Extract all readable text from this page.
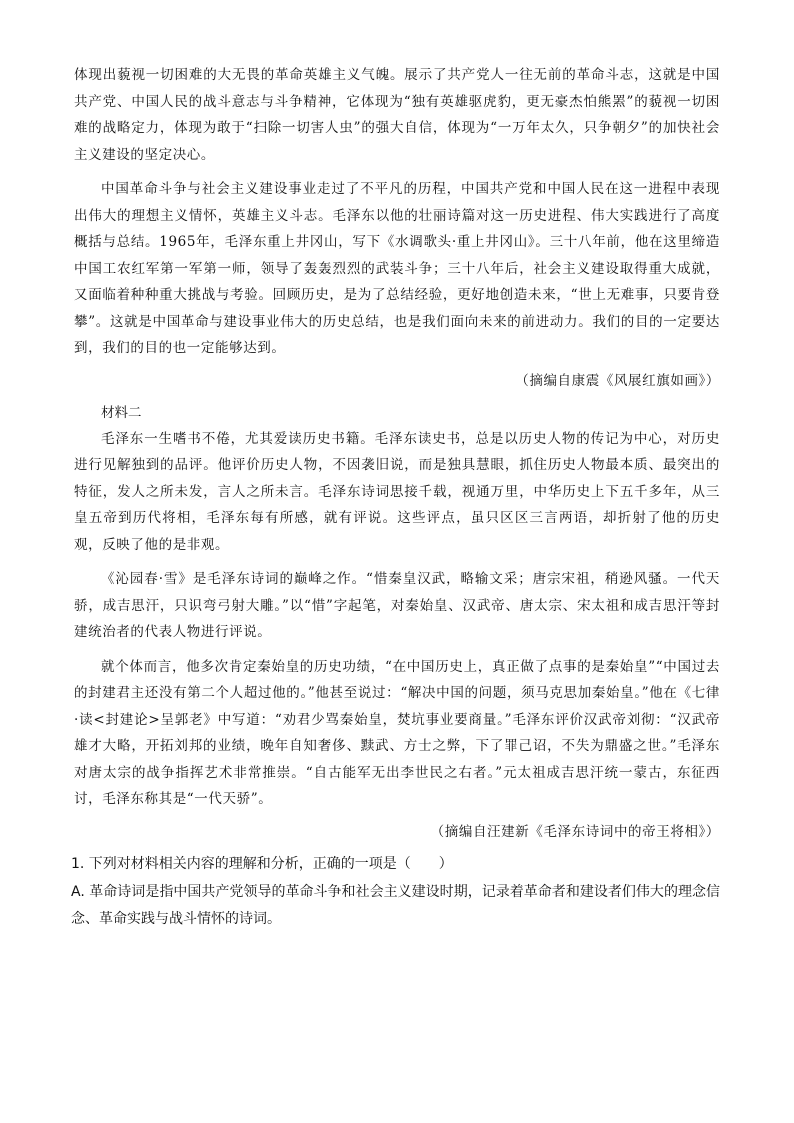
体现出藐视一切困难的大无畏的革命英雄主义气魄。展示了共产党人一往无前的革命斗志，这就是中国共产党、中国人民的战斗意志与斗争精神，它体现为“独有英雄驱虎豹，更无豪杰怕熊罴”的藐视一切困难的战略定力，体现为敢于“扫除一切害人虫”的强大自信，体现为“一万年太久，只争朝夕”的加快社会主义建设的坚定决心。

中国革命斗争与社会主义建设事业走过了不平凡的历程，中国共产党和中国人民在这一进程中表现出伟大的理想主义情怀，英雄主义斗志。毛泽东以他的壮丽诗篇对这一历史进程、伟大实践进行了高度概括与总结。1965年，毛泽东重上井冈山，写下《水调歌头·重上井冈山》。三十八年前，他在这里缔造中国工农红军第一军第一师，领导了轰轰烈烈的武装斗争；三十八年后，社会主义建设取得重大成就，又面临着种种重大挑战与考验。回顾历史，是为了总结经验，更好地创造未来，“世上无难事，只要肯登攀”。这就是中国革命与建设事业伟大的历史总结，也是我们面向未来的前进动力。我们的目的一定要达到，我们的目的也一定能够达到。

（摘编自康震《风展红旗如画》）

材料二

毛泽东一生嗜书不倦，尤其爱读历史书籍。毛泽东读史书，总是以历史人物的传记为中心，对历史进行见解独到的品评。他评价历史人物，不因袭旧说，而是独具慧眼，抓住历史人物最本质、最突出的特征，发人之所未发，言人之所未言。毛泽东诗词思接千载，视通万里，中华历史上下五千多年，从三皇五帝到历代将相，毛泽东每有所感，就有评说。这些评点，虽只区区三言两语，却折射了他的历史观，反映了他的是非观。

《沁园春·雪》是毛泽东诗词的巅峰之作。“惜秦皇汉武，略输文采；唐宗宋祖，稍逊风骚。一代天骄，成吉思汗，只识弯弓射大雕。”以“惜”字起笔，对秦始皇、汉武帝、唐太宗、宋太祖和成吉思汗等封建统治者的代表人物进行评说。

就个体而言，他多次肯定秦始皇的历史功绩，“在中国历史上，真正做了点事的是秦始皇”“中国过去的封建君主还没有第二个人超过他的。”他甚至说过：“解决中国的问题，须马克思加秦始皇。”他在《七律·读<封建论>呈郭老》中写道：“劝君少骂秦始皇，焚坑事业要商量。”毛泽东评价汉武帝刘彻：“汉武帝雄才大略，开拓刘邦的业绩，晚年自知奢侈、黩武、方士之弊，下了罪己诏，不失为鼎盛之世。”毛泽东对唐太宗的战争指挥艺术非常推崇。“自古能军无出李世民之右者。”元太祖成吉思汗统一蒙古，东征西讨，毛泽东称其是“一代天骄”。

（摘编自汪建新《毛泽东诗词中的帝王将相》）

1. 下列对材料相关内容的理解和分析，正确的一项是（　　）

A. 革命诗词是指中国共产党领导的革命斗争和社会主义建设时期，记录着革命者和建设者们伟大的理念信念、革命实践与战斗情怀的诗词。
